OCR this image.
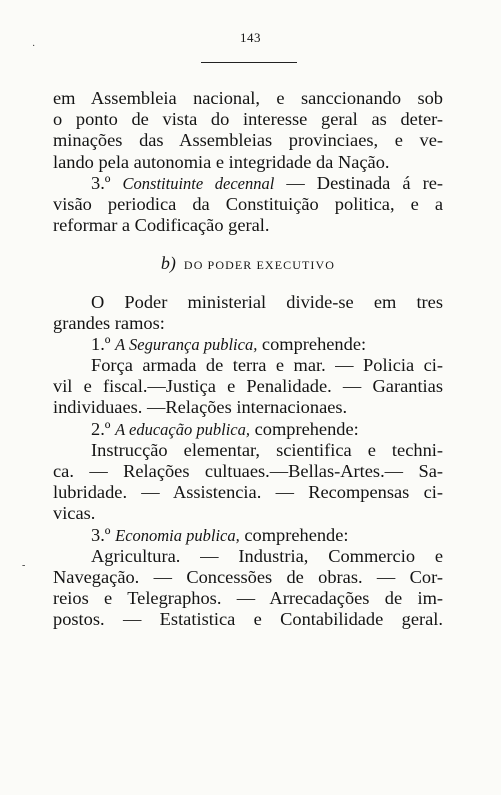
143
·
-
em Assembleia nacional, e sanccionando sob
o ponto de vista do interesse geral as deter-
minações das Assembleias provinciaes, e ve-
lando pela autonomia e integridade da Nação.
3.º Constituinte decennal — Destinada á re-
visão periodica da Constituição politica, e a
reformar a Codificação geral.
b) DO PODER EXECUTIVO
O Poder ministerial divide-se em tres
grandes ramos:
1.º A Segurança publica, comprehende:
Força armada de terra e mar. — Policia ci-
vil e fiscal.—Justiça e Penalidade. — Garantias
individuaes. —Relações internacionaes.
2.º A educação publica, comprehende:
Instrucção elementar, scientifica e techni-
ca. — Relações cultuaes.—Bellas-Artes.— Sa-
lubridade. — Assistencia. — Recompensas ci-
vicas.
3.º Economia publica, comprehende:
Agricultura. — Industria, Commercio e
Navegação. — Concessões de obras. — Cor-
reios e Telegraphos. — Arrecadações de im-
postos. — Estatistica e Contabilidade geral.
